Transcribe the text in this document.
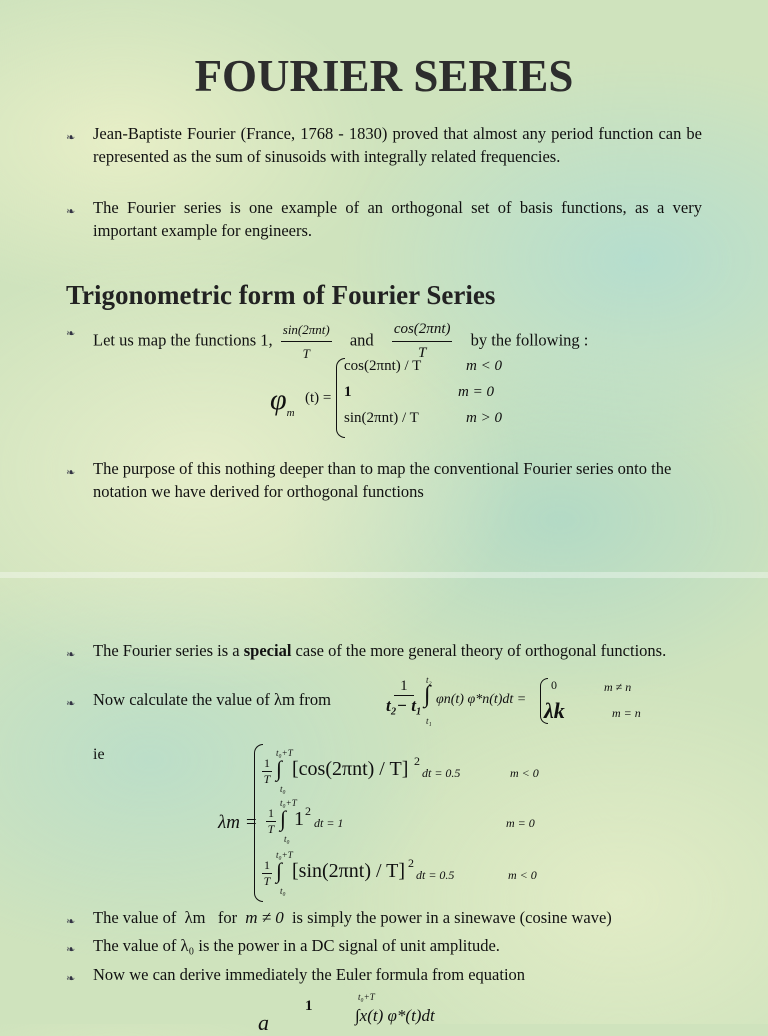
FOURIER SERIES
❧ Jean-Baptiste Fourier (France, 1768 - 1830) proved that almost any period function can be represented as the sum of sinusoids with integrally related frequencies.
❧ The Fourier series is one example of an orthogonal set of basis functions, as a very important example for engineers.
Trigonometric form of Fourier Series
❧ Let us map the functions 1, $\frac{\text{sin(2πnt)}}{T}$ and $\frac{\text{cos(2πnt)}}{T}$ by the following :
$\varphi_m$
(t) =
cos(2πnt) / T	m < 0
1	m = 0
sin(2πnt) / T	m > 0
❧ The purpose of this nothing deeper than to map the conventional Fourier series onto the notation we have derived for orthogonal functions
❧ The Fourier series is a special case of the more general theory of orthogonal functions.
❧ Now calculate the value of λm from	$\frac{1}{\text{t₂− t₁}} t_2$
∫
t₁
φn(t) φ*n(t)dt =
0	m ≠ n
λk	m = n
ie
λm =
$\frac{1}{T}$
t₀+T
∫
t₀
[cos(2πnt) / T] 2
dt = 0.5	m < 0
$\frac{1}{T}$
t₀+T
∫
t₀
1 2
dt = 1	m = 0
$\frac{1}{T}$
t₀+T
∫
t₀
[sin(2πnt) / T] 2
dt = 0.5	m < 0
❧ The value of  λm   for m ≠ 0 is simply the power in a sinewave (cosine wave)
❧ The value of λ₀ is the power in a DC signal of unit amplitude.
❧ Now we can derive immediately the Euler formula from equation
t₀+T
1
a	∫x(t) φ*(t)dt
